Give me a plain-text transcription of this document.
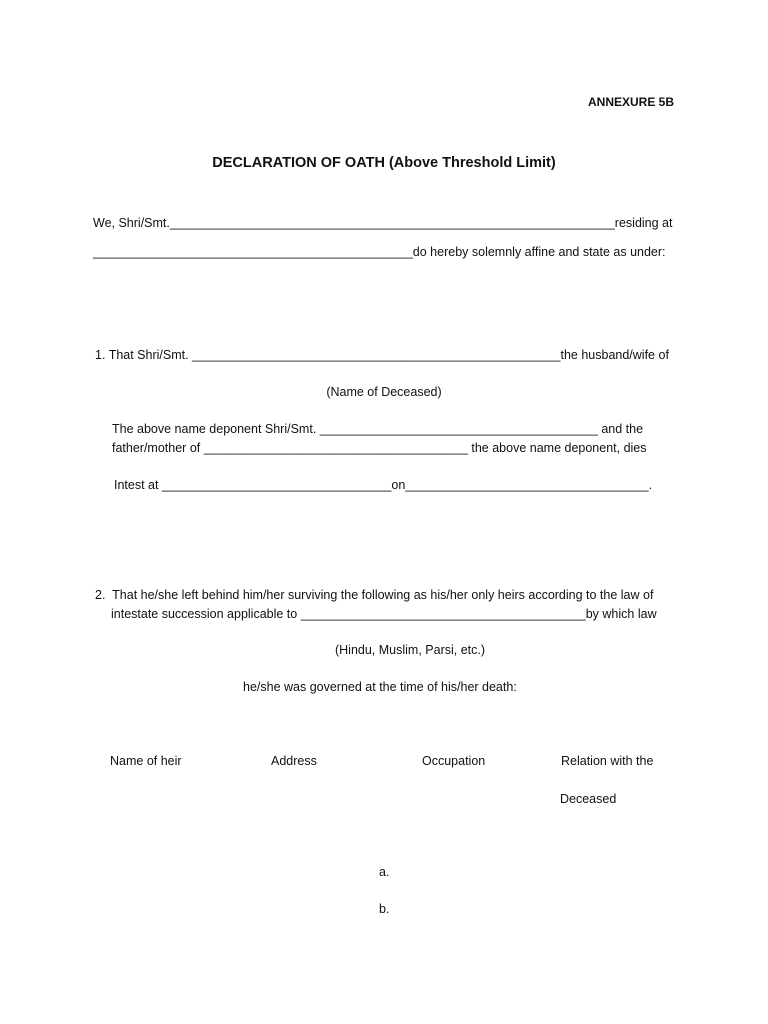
ANNEXURE 5B
DECLARATION OF OATH (Above Threshold Limit)
We, Shri/Smt.________________________________________________________________residing at
______________________________________________do hereby solemnly affine and state as under:
1. That Shri/Smt. _____________________________________________________the husband/wife of
(Name of Deceased)
The above name deponent Shri/Smt. ________________________________________ and the
father/mother of ______________________________________ the above name deponent, dies
Intest at _________________________________on___________________________________.
2. That he/she left behind him/her surviving the following as his/her only heirs according to the law of
intestate succession applicable to _________________________________________by which law
(Hindu, Muslim, Parsi, etc.)
he/she was governed at the time of his/her death:
Name of heir	Address	Occupation	Relation with the
Deceased
a.
b.
